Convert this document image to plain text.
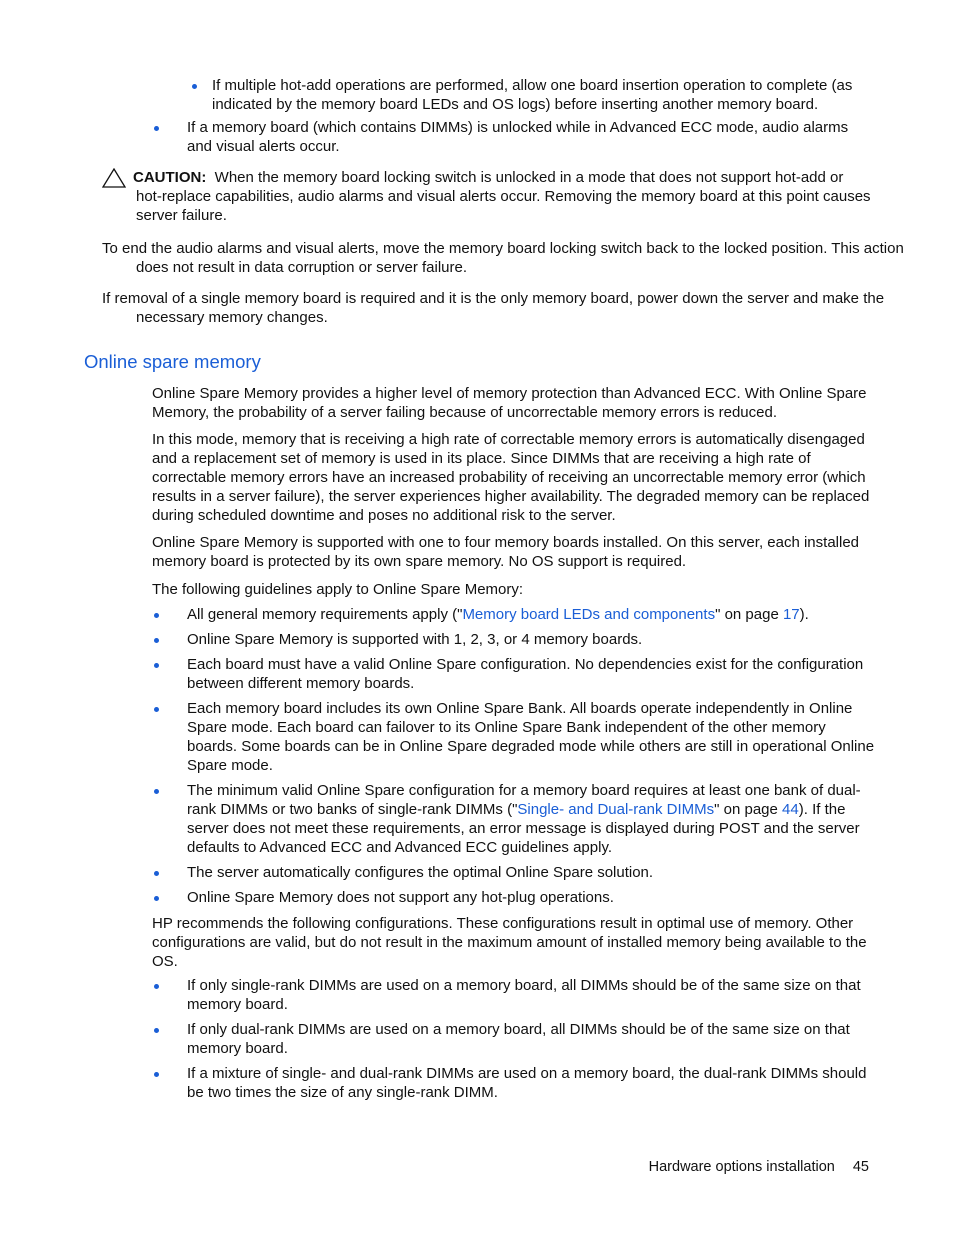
If multiple hot-add operations are performed, allow one board insertion operation to complete (as indicated by the memory board LEDs and OS logs) before inserting another memory board.
If a memory board (which contains DIMMs) is unlocked while in Advanced ECC mode, audio alarms and visual alerts occur.

CAUTION: When the memory board locking switch is unlocked in a mode that does not support hot-add or hot-replace capabilities, audio alarms and visual alerts occur. Removing the memory board at this point causes server failure.

To end the audio alarms and visual alerts, move the memory board locking switch back to the locked position. This action does not result in data corruption or server failure.

If removal of a single memory board is required and it is the only memory board, power down the server and make the necessary memory changes.

Online spare memory

Online Spare Memory provides a higher level of memory protection than Advanced ECC. With Online Spare Memory, the probability of a server failing because of uncorrectable memory errors is reduced.

In this mode, memory that is receiving a high rate of correctable memory errors is automatically disengaged and a replacement set of memory is used in its place. Since DIMMs that are receiving a high rate of correctable memory errors have an increased probability of receiving an uncorrectable memory error (which results in a server failure), the server experiences higher availability. The degraded memory can be replaced during scheduled downtime and poses no additional risk to the server.

Online Spare Memory is supported with one to four memory boards installed. On this server, each installed memory board is protected by its own spare memory. No OS support is required.

The following guidelines apply to Online Spare Memory:

All general memory requirements apply ("Memory board LEDs and components" on page 17).
Online Spare Memory is supported with 1, 2, 3, or 4 memory boards.
Each board must have a valid Online Spare configuration. No dependencies exist for the configuration between different memory boards.
Each memory board includes its own Online Spare Bank. All boards operate independently in Online Spare mode. Each board can failover to its Online Spare Bank independent of the other memory boards. Some boards can be in Online Spare degraded mode while others are still in operational Online Spare mode.
The minimum valid Online Spare configuration for a memory board requires at least one bank of dual-rank DIMMs or two banks of single-rank DIMMs ("Single- and Dual-rank DIMMs" on page 44). If the server does not meet these requirements, an error message is displayed during POST and the server defaults to Advanced ECC and Advanced ECC guidelines apply.
The server automatically configures the optimal Online Spare solution.
Online Spare Memory does not support any hot-plug operations.

HP recommends the following configurations. These configurations result in optimal use of memory. Other configurations are valid, but do not result in the maximum amount of installed memory being available to the OS.

If only single-rank DIMMs are used on a memory board, all DIMMs should be of the same size on that memory board.
If only dual-rank DIMMs are used on a memory board, all DIMMs should be of the same size on that memory board.
If a mixture of single- and dual-rank DIMMs are used on a memory board, the dual-rank DIMMs should be two times the size of any single-rank DIMM.
Hardware options installation 45
